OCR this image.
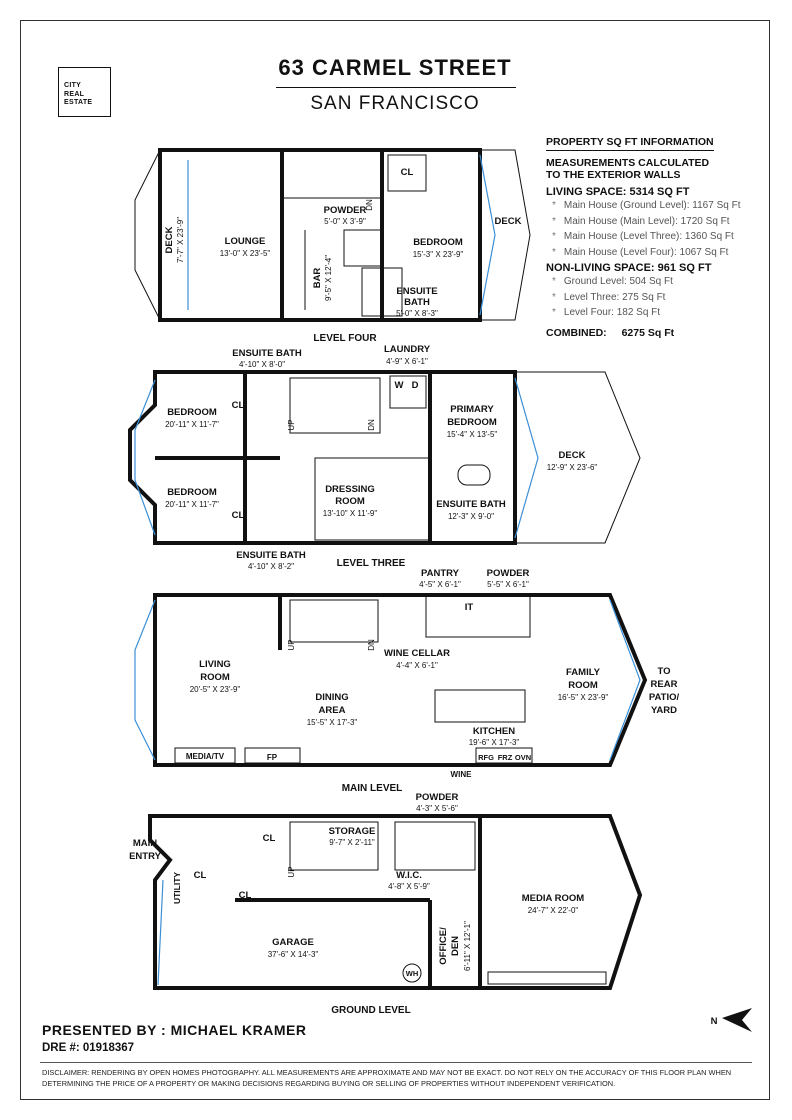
CITY
REAL
ESTATE
63 CARMEL STREET
SAN FRANCISCO
PROPERTY SQ FT INFORMATION
MEASUREMENTS CALCULATED
TO THE EXTERIOR WALLS
LIVING SPACE: 5314 SQ FT
* Main House (Ground Level): 1167 Sq Ft
* Main House (Main Level): 1720 Sq Ft
* Main House (Level Three): 1360 Sq Ft
* Main House (Level Four): 1067 Sq Ft
NON-LIVING SPACE: 961 SQ FT
* Ground Level: 504 Sq Ft
* Level Three: 275 Sq Ft
* Level Four: 182 Sq Ft
COMBINED: 6275 Sq Ft
DECK 7'-7" X 23'-9"	LOUNGE
13'-0" X 23'-5"
BAR 9'-5" X 12'-4"
POWDER
5'-0" X 3'-9"
CL
DN
BEDROOM
15'-3" X 23'-9"
ENSUITE
BATH
5'-0" X 8'-3"
DECK
LEVEL FOUR
ENSUITE BATH
4'-10" X 8'-0"
LAUNDRY
4'-9" X 6'-1"
W D
BEDROOM
20'-11" X 11'-7"
BEDROOM
20'-11" X 11'-7"
CL
CL
UP	DN
PRIMARY
BEDROOM
15'-4" X 13'-5"
DRESSING
ROOM
13'-10" X 11'-9"
ENSUITE BATH
12'-3" X 9'-0"
DECK
12'-9" X 23'-6"
ENSUITE BATH
4'-10" X 8'-2"	LEVEL THREE
PANTRY
4'-5" X 6'-1"
POWDER
5'-5" X 6'-1"
IT
LIVING
ROOM
20'-5" X 23'-9"
UP	DN
WINE CELLAR
4'-4" X 6'-1"
FAMILY
ROOM
16'-5" X 23'-9"
TO
REAR
PATIO/
YARD
DINING
AREA
15'-5" X 17'-3"
KITCHEN
19'-6" X 17'-3"
MEDIA/TV	FP	RFG FRZ OVN
WINE
MAIN LEVEL
MAIN
ENTRY
UTILITY CL
CL
CL
UP
STORAGE
9'-7" X 2'-11"
POWDER
4'-3" X 5'-6"
W.I.C.
4'-8" X 5'-9"
MEDIA ROOM
24'-7" X 22'-0"
GARAGE
37'-6" X 14'-3"	OFFICE/ DEN 6'-11" X 12'-1"
WH
GROUND LEVEL
N
PRESENTED BY : MICHAEL KRAMER
DRE #: 01918367
DISCLAIMER: RENDERING BY OPEN HOMES PHOTOGRAPHY. ALL MEASUREMENTS ARE APPROXIMATE AND MAY NOT BE EXACT. DO NOT RELY ON THE ACCURACY OF THIS FLOOR PLAN WHEN DETERMINING THE PRICE OF A PROPERTY OR MAKING DECISIONS REGARDING BUYING OR SELLING OF PROPERTIES WITHOUT INDEPENDENT VERIFICATION.
